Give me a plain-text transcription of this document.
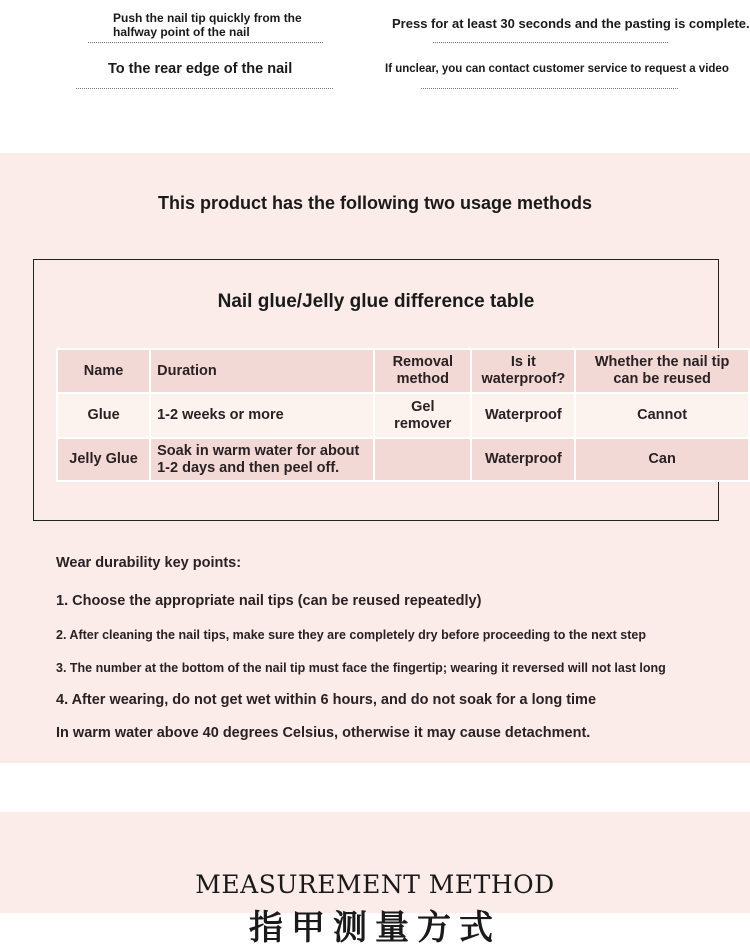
Push the nail tip quickly from the halfway point of the nail
To the rear edge of the nail
Press for at least 30 seconds and the pasting is complete.
If unclear, you can contact customer service to request a video
This product has the following two usage methods
Nail glue/Jelly glue difference table
Name	Duration	Removal method	Is it waterproof?	Whether the nail tip can be reused
Glue	1-2 weeks or more	Gel remover	Waterproof	Cannot
Jelly Glue	Soak in warm water for about 1-2 days and then peel off.		Waterproof	Can

Wear durability key points:

1. Choose the appropriate nail tips (can be reused repeatedly)

2. After cleaning the nail tips, make sure they are completely dry before proceeding to the next step

3. The number at the bottom of the nail tip must face the fingertip; wearing it reversed will not last long

4. After wearing, do not get wet within 6 hours, and do not soak for a long time

In warm water above 40 degrees Celsius, otherwise it may cause detachment.

MEASUREMENT METHOD
指甲测量方式
